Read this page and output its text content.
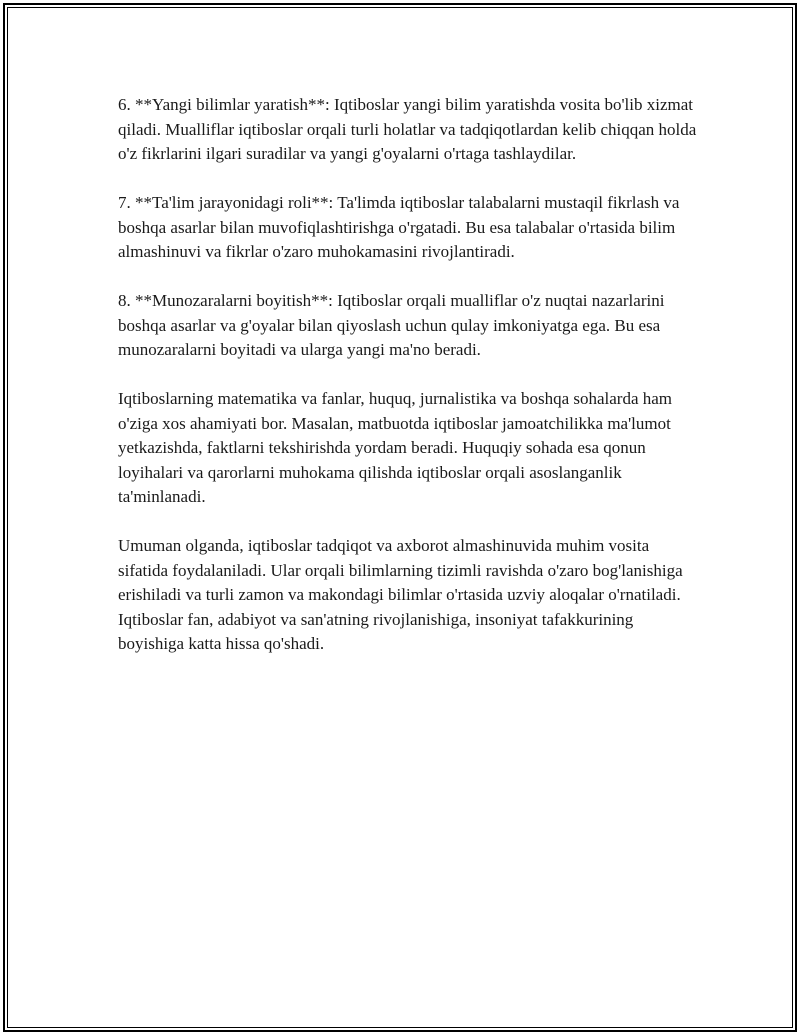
6. **Yangi bilimlar yaratish**: Iqtiboslar yangi bilim yaratishda vosita bo'lib xizmat qiladi. Mualliflar iqtiboslar orqali turli holatlar va tadqiqotlardan kelib chiqqan holda o'z fikrlarini ilgari suradilar va yangi g'oyalarni o'rtaga tashlaydilar.

7. **Ta'lim jarayonidagi roli**: Ta'limda iqtiboslar talabalarni mustaqil fikrlash va boshqa asarlar bilan muvofiqlashtirishga o'rgatadi. Bu esa talabalar o'rtasida bilim almashinuvi va fikrlar o'zaro muhokamasini rivojlantiradi.

8. **Munozaralarni boyitish**: Iqtiboslar orqali mualliflar o'z nuqtai nazarlarini boshqa asarlar va g'oyalar bilan qiyoslash uchun qulay imkoniyatga ega. Bu esa munozaralarni boyitadi va ularga yangi ma'no beradi.

Iqtiboslarning matematika va fanlar, huquq, jurnalistika va boshqa sohalarda ham o'ziga xos ahamiyati bor. Masalan, matbuotda iqtiboslar jamoatchilikka ma'lumot yetkazishda, faktlarni tekshirishda yordam beradi. Huquqiy sohada esa qonun loyihalari va qarorlarni muhokama qilishda iqtiboslar orqali asoslanganlik ta'minlanadi.

Umuman olganda, iqtiboslar tadqiqot va axborot almashinuvida muhim vosita sifatida foydalaniladi. Ular orqali bilimlarning tizimli ravishda o'zaro bog'lanishiga erishiladi va turli zamon va makondagi bilimlar o'rtasida uzviy aloqalar o'rnatiladi. Iqtiboslar fan, adabiyot va san'atning rivojlanishiga, insoniyat tafakkurining boyishiga katta hissa qo'shadi.
